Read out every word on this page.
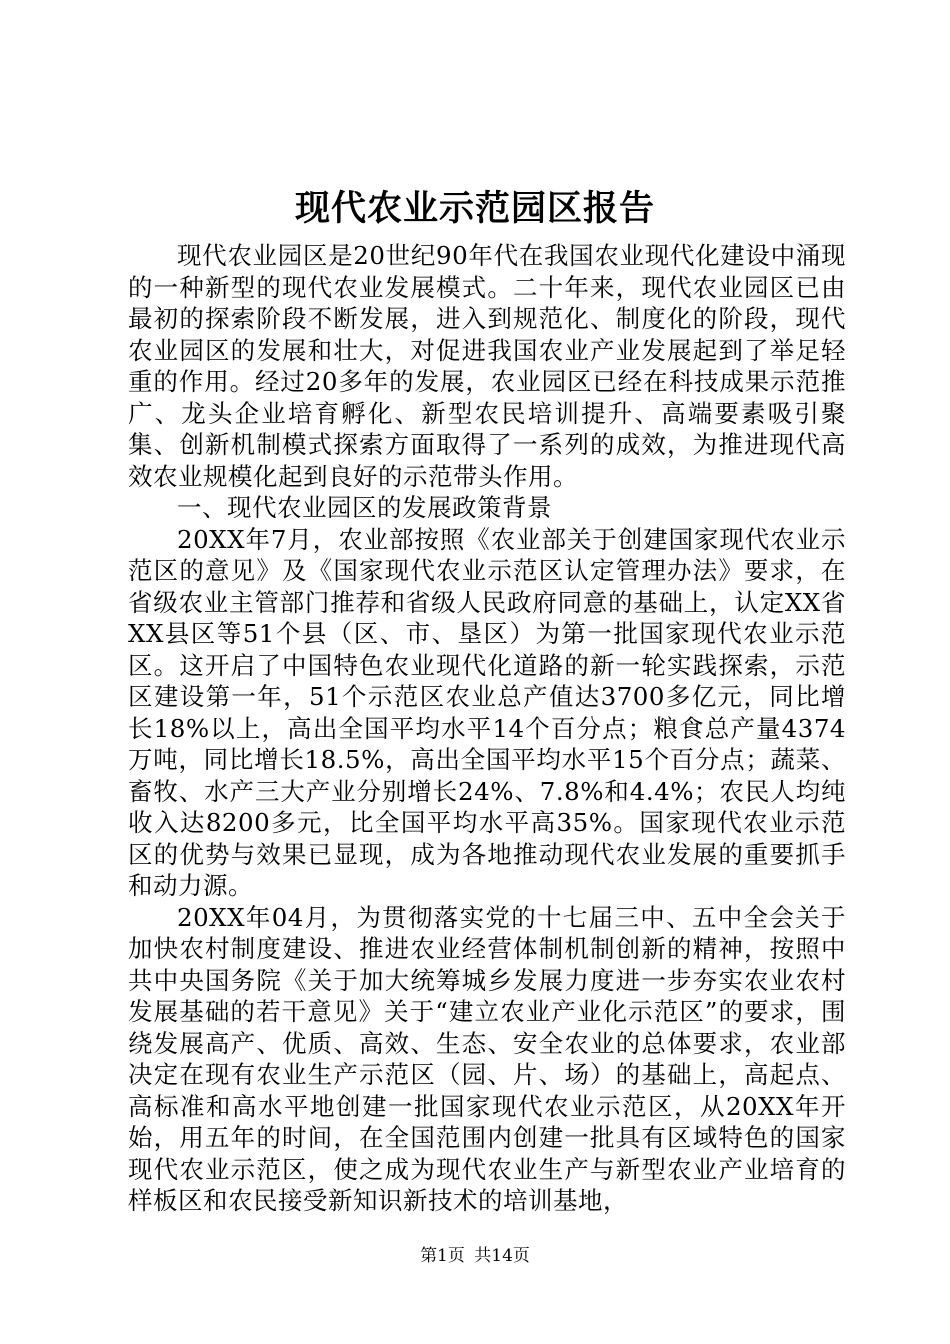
现代农业示范园区报告

现代农业园区是20世纪90年代在我国农业现代化建设中涌现的一种新型的现代农业发展模式。二十年来，现代农业园区已由最初的探索阶段不断发展，进入到规范化、制度化的阶段，现代农业园区的发展和壮大，对促进我国农业产业发展起到了举足轻重的作用。经过20多年的发展，农业园区已经在科技成果示范推广、龙头企业培育孵化、新型农民培训提升、高端要素吸引聚集、创新机制模式探索方面取得了一系列的成效，为推进现代高效农业规模化起到良好的示范带头作用。

一、现代农业园区的发展政策背景

20XX年7月，农业部按照《农业部关于创建国家现代农业示范区的意见》及《国家现代农业示范区认定管理办法》要求，在省级农业主管部门推荐和省级人民政府同意的基础上，认定XX省XX县区等51个县（区、市、垦区）为第一批国家现代农业示范区。这开启了中国特色农业现代化道路的新一轮实践探索，示范区建设第一年，51个示范区农业总产值达3700多亿元，同比增长18%以上，高出全国平均水平14个百分点；粮食总产量4374万吨，同比增长18.5%，高出全国平均水平15个百分点；蔬菜、畜牧、水产三大产业分别增长24%、7.8%和4.4%；农民人均纯收入达8200多元，比全国平均水平高35%。国家现代农业示范区的优势与效果已显现，成为各地推动现代农业发展的重要抓手和动力源。

20XX年04月，为贯彻落实党的十七届三中、五中全会关于加快农村制度建设、推进农业经营体制机制创新的精神，按照中共中央国务院《关于加大统筹城乡发展力度进一步夯实农业农村发展基础的若干意见》关于“建立农业产业化示范区”的要求，围绕发展高产、优质、高效、生态、安全农业的总体要求，农业部决定在现有农业生产示范区（园、片、场）的基础上，高起点、高标准和高水平地创建一批国家现代农业示范区，从20XX年开始，用五年的时间，在全国范围内创建一批具有区域特色的国家现代农业示范区，使之成为现代农业生产与新型农业产业培育的样板区和农民接受新知识新技术的培训基地，

第1页 共14页
